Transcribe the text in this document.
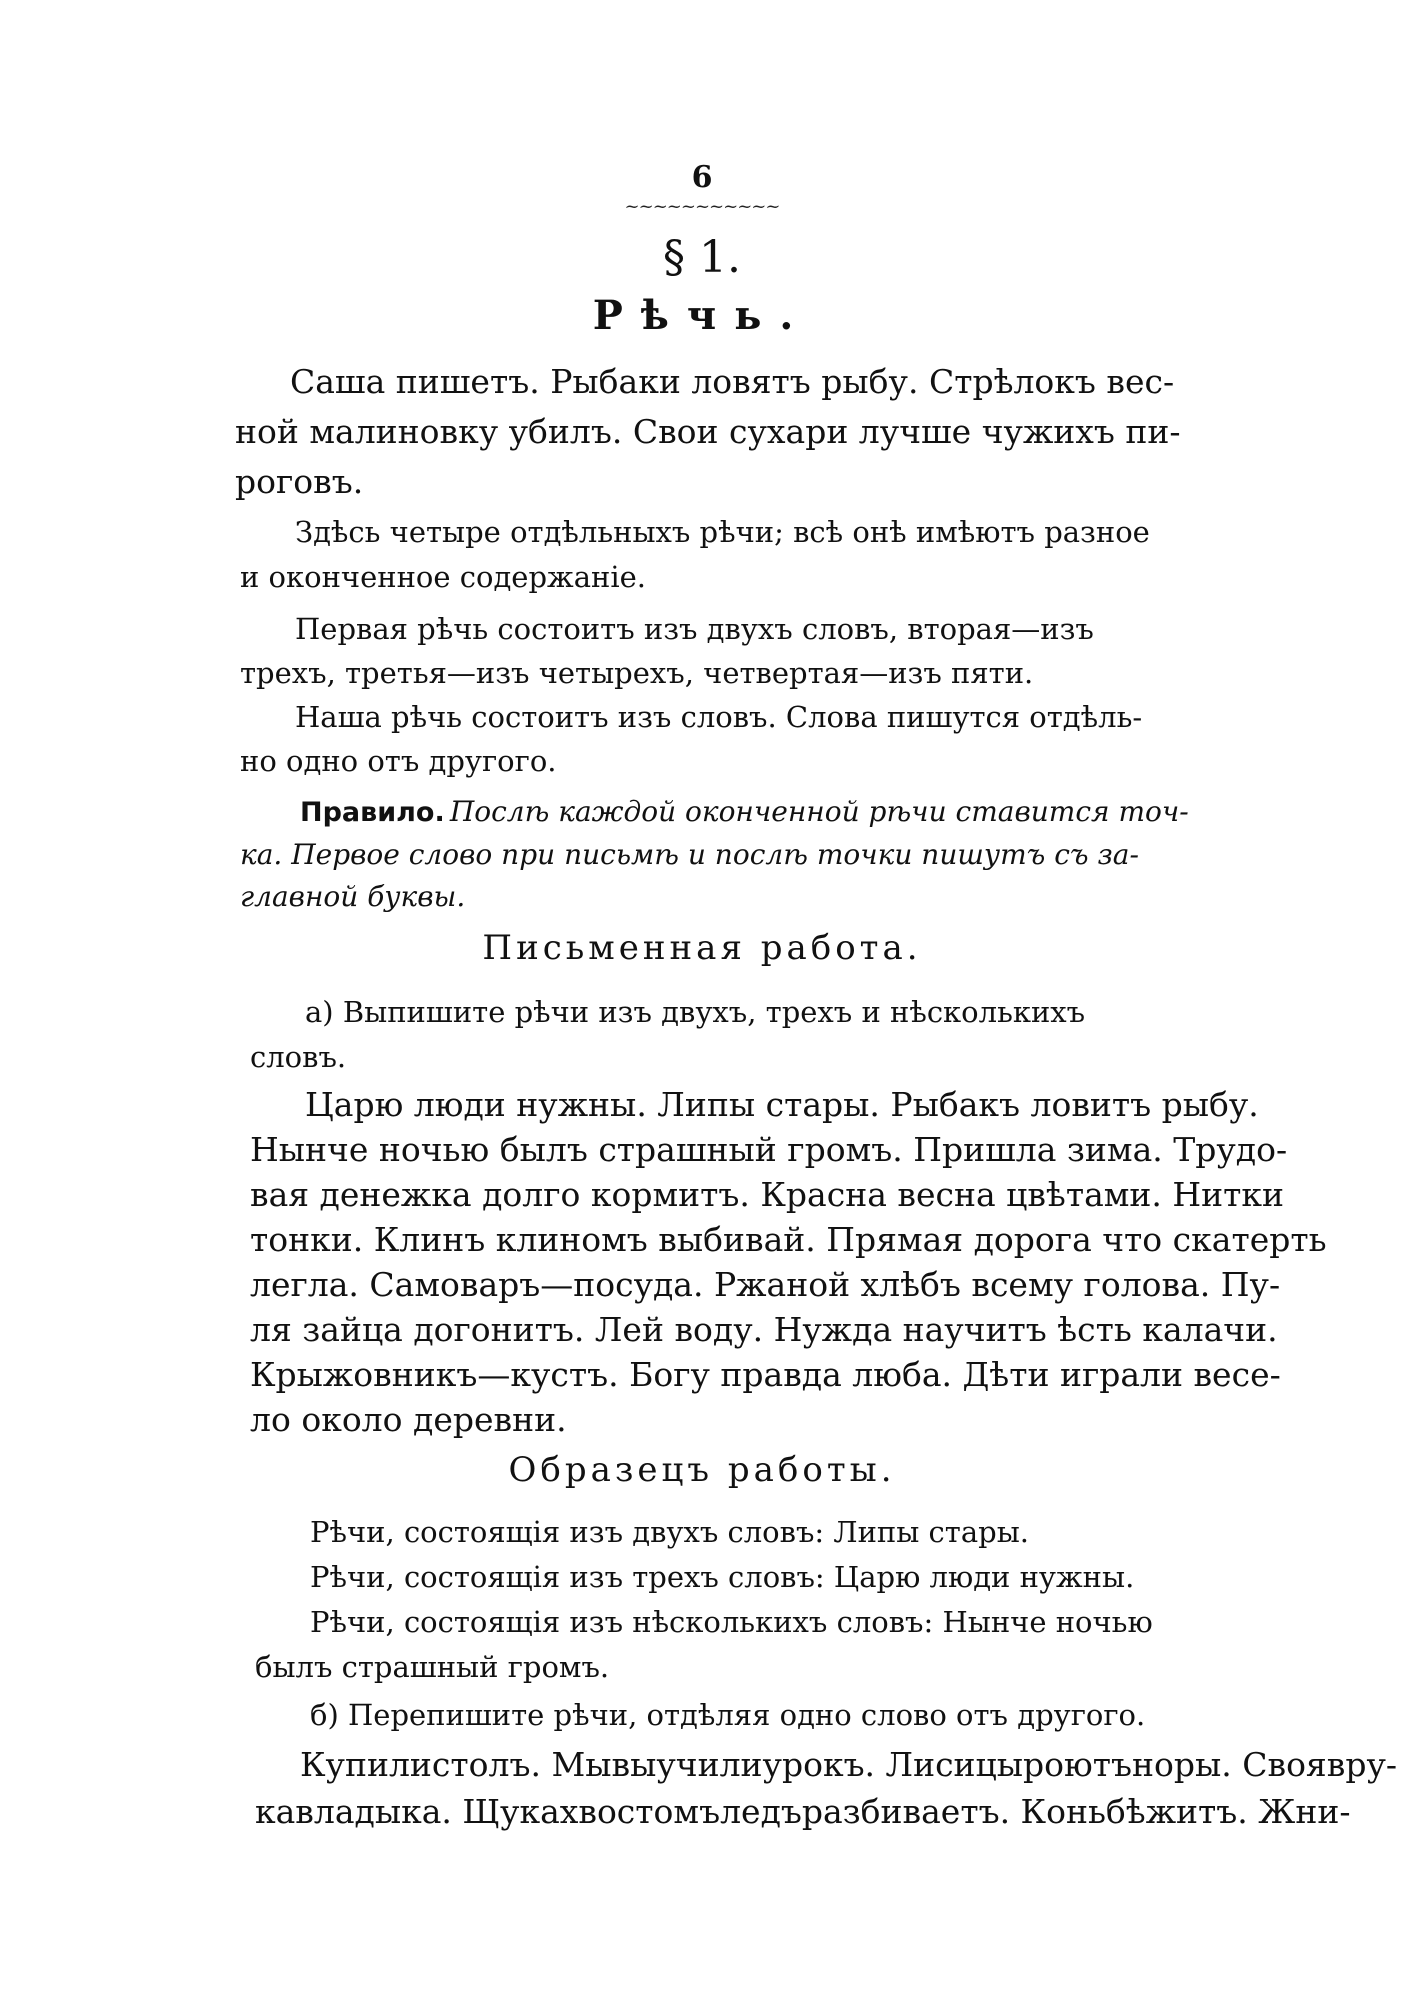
6
~~~~~~~~~~~
§ 1.
Рѣчь.

Саша пишетъ. Рыбаки ловятъ рыбу. Стрѣлокъ вес-

ной малиновку убилъ. Свои сухари лучше чужихъ пи-

роговъ.

Здѣсь четыре отдѣльныхъ рѣчи; всѣ онѣ имѣютъ разное

и оконченное содержаніе.

Первая рѣчь состоитъ изъ двухъ словъ, вторая—изъ

трехъ, третья—изъ четырехъ, четвертая—изъ пяти.

Наша рѣчь состоитъ изъ словъ. Слова пишутся отдѣль-

но одно отъ другого.

Правило. Послѣ каждой оконченной рѣчи ставится точ-

ка. Первое слово при письмѣ и послѣ точки пишутъ съ за-

главной буквы.

Письменная работа.

а) Выпишите рѣчи изъ двухъ, трехъ и нѣсколькихъ

словъ.

Царю люди нужны. Липы стары. Рыбакъ ловитъ рыбу.

Нынче ночью былъ страшный громъ. Пришла зима. Трудо-

вая денежка долго кормитъ. Красна весна цвѣтами. Нитки

тонки. Клинъ клиномъ выбивай. Прямая дорога что скатерть

легла. Самоваръ—посуда. Ржаной хлѣбъ всему голова. Пу-

ля зайца догонитъ. Лей воду. Нужда научитъ ѣсть калачи.

Крыжовникъ—кустъ. Богу правда люба. Дѣти играли весе-

ло около деревни.

Образецъ работы.

Рѣчи, состоящія изъ двухъ словъ: Липы стары.

Рѣчи, состоящія изъ трехъ словъ: Царю люди нужны.

Рѣчи, состоящія изъ нѣсколькихъ словъ: Нынче ночью

былъ страшный громъ.

б) Перепишите рѣчи, отдѣляя одно слово отъ другого.

Купилистолъ. Мывыучилиурокъ. Лисицыроютъноры. Своявру-

кавладыка. Щукахвостомъледъразбиваетъ. Коньбѣжитъ. Жни-
